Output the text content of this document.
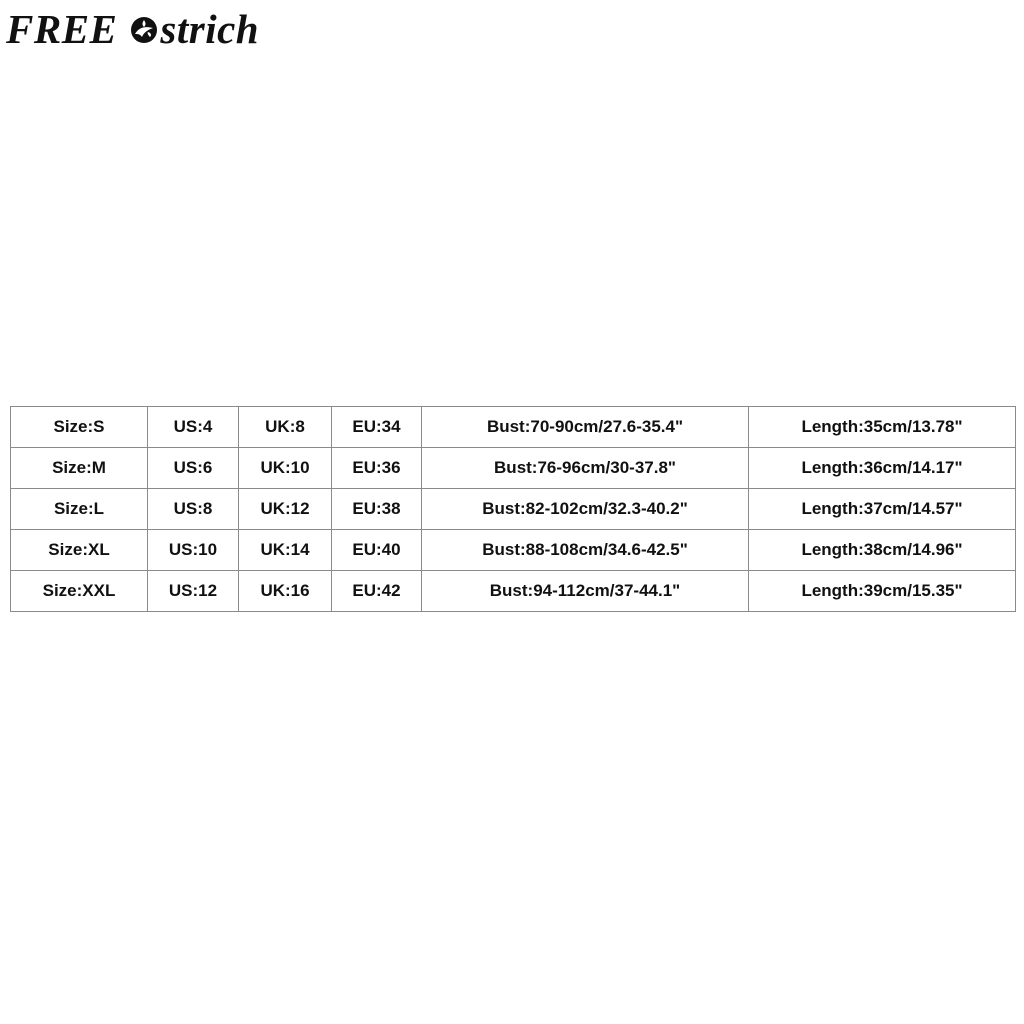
FREE strich
Size:S	US:4	UK:8	EU:34	Bust:70-90cm/27.6-35.4"	Length:35cm/13.78"
Size:M	US:6	UK:10	EU:36	Bust:76-96cm/30-37.8"	Length:36cm/14.17"
Size:L	US:8	UK:12	EU:38	Bust:82-102cm/32.3-40.2"	Length:37cm/14.57"
Size:XL	US:10	UK:14	EU:40	Bust:88-108cm/34.6-42.5"	Length:38cm/14.96"
Size:XXL	US:12	UK:16	EU:42	Bust:94-112cm/37-44.1"	Length:39cm/15.35"
